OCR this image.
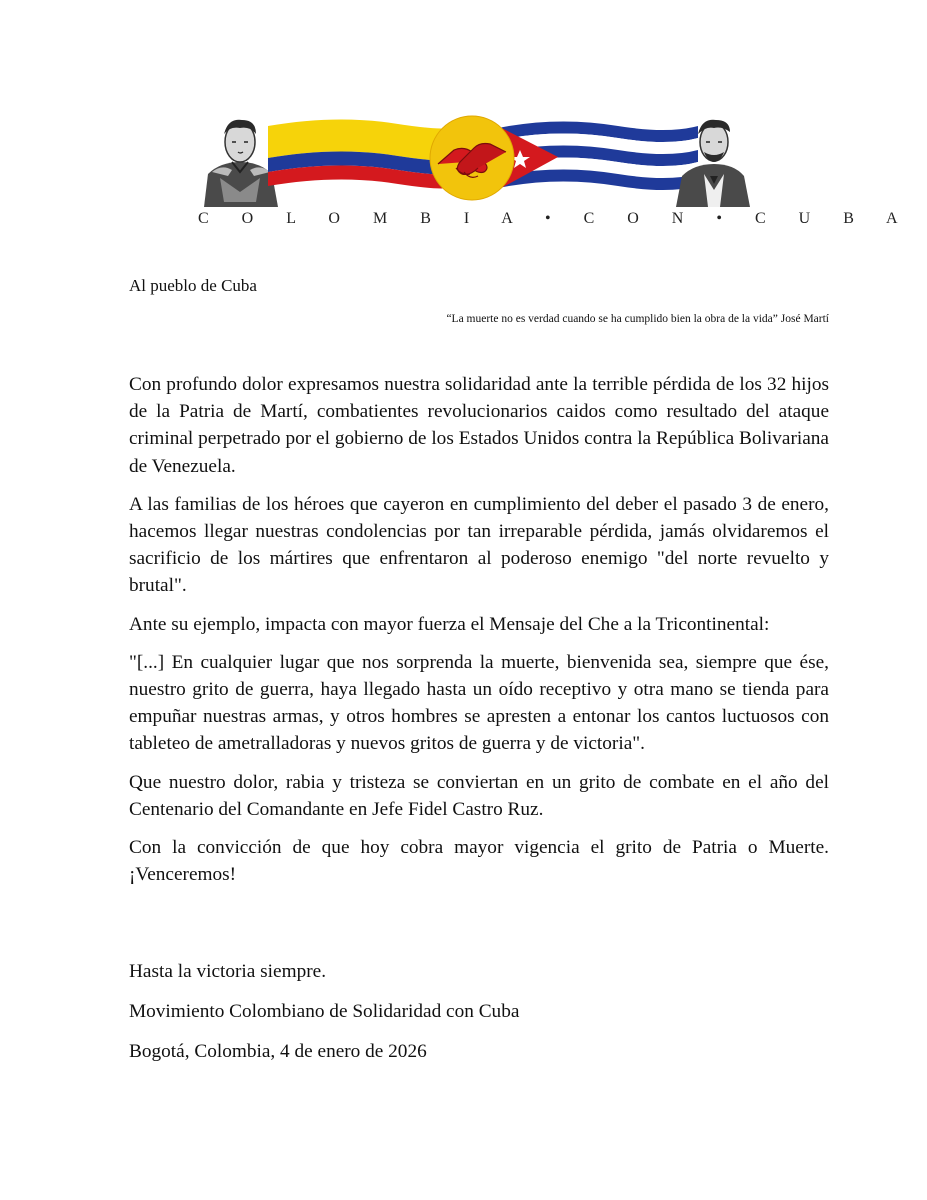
C O L O M B I A • C O N • C U B A
Al pueblo de Cuba
“La muerte no es verdad cuando se ha cumplido bien la obra de la vida” José Martí

Con profundo dolor expresamos nuestra solidaridad ante la terrible pérdida de los 32 hijos de la Patria de Martí, combatientes revolucionarios caidos como resultado del ataque criminal perpetrado por el gobierno de los Estados Unidos contra la República Bolivariana de Venezuela.

A las familias de los héroes que cayeron en cumplimiento del deber el pasado 3 de enero, hacemos llegar nuestras condolencias por tan irreparable pérdida, jamás olvidaremos el sacrificio de los mártires que enfrentaron al poderoso enemigo "del norte revuelto y brutal".

Ante su ejemplo, impacta con mayor fuerza el Mensaje del Che a la Tricontinental:

"[...] En cualquier lugar que nos sorprenda la muerte, bienvenida sea, siempre que ése, nuestro grito de guerra, haya llegado hasta un oído receptivo y otra mano se tienda para empuñar nuestras armas, y otros hombres se apresten a entonar los cantos luctuosos con tableteo de ametralladoras y nuevos gritos de guerra y de victoria".

Que nuestro dolor, rabia y tristeza se conviertan en un grito de combate en el año del Centenario del Comandante en Jefe Fidel Castro Ruz.

Con la convicción de que hoy cobra mayor vigencia el grito de Patria o Muerte. ¡Venceremos!

Hasta la victoria siempre.
Movimiento Colombiano de Solidaridad con Cuba
Bogotá, Colombia, 4 de enero de 2026
